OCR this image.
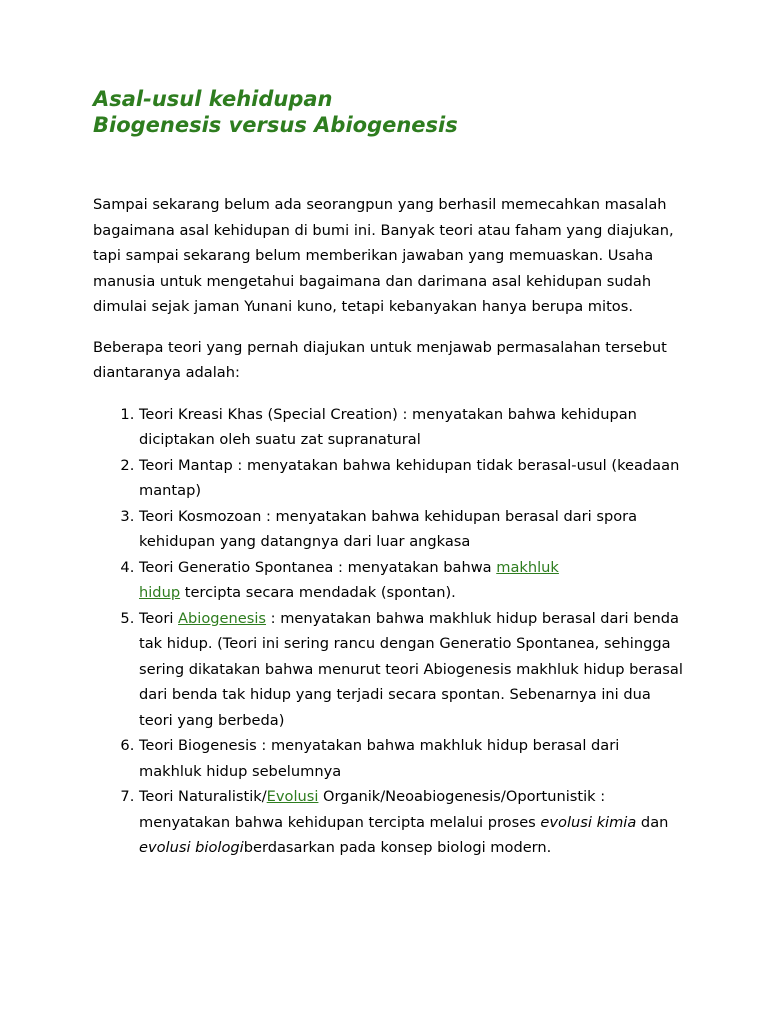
Asal-usul kehidupan
Biogenesis versus Abiogenesis

Sampai sekarang belum ada seorangpun yang berhasil memecahkan masalah bagaimana asal kehidupan di bumi ini. Banyak teori atau faham yang diajukan, tapi sampai sekarang belum memberikan jawaban yang memuaskan. Usaha manusia untuk mengetahui bagaimana dan darimana asal kehidupan sudah dimulai sejak jaman Yunani kuno, tetapi kebanyakan hanya berupa mitos.

Beberapa teori yang pernah diajukan untuk menjawab permasalahan tersebut diantaranya adalah:

1. Teori Kreasi Khas (Special Creation) : menyatakan bahwa kehidupan diciptakan oleh suatu zat supranatural
2. Teori Mantap : menyatakan bahwa kehidupan tidak berasal-usul (keadaan mantap)
3. Teori Kosmozoan : menyatakan bahwa kehidupan berasal dari spora kehidupan yang datangnya dari luar angkasa
4. Teori Generatio Spontanea : menyatakan bahwa makhluk
hidup tercipta secara mendadak (spontan).
5. Teori Abiogenesis : menyatakan bahwa makhluk hidup berasal dari benda tak hidup. (Teori ini sering rancu dengan Generatio Spontanea, sehingga sering dikatakan bahwa menurut teori Abiogenesis makhluk hidup berasal dari benda tak hidup yang terjadi secara spontan. Sebenarnya ini dua teori yang berbeda)
6. Teori Biogenesis : menyatakan bahwa makhluk hidup berasal dari makhluk hidup sebelumnya
7. Teori Naturalistik/Evolusi Organik/Neoabiogenesis/Oportunistik : menyatakan bahwa kehidupan tercipta melalui proses evolusi kimia dan evolusi biologiberdasarkan pada konsep biologi modern.
